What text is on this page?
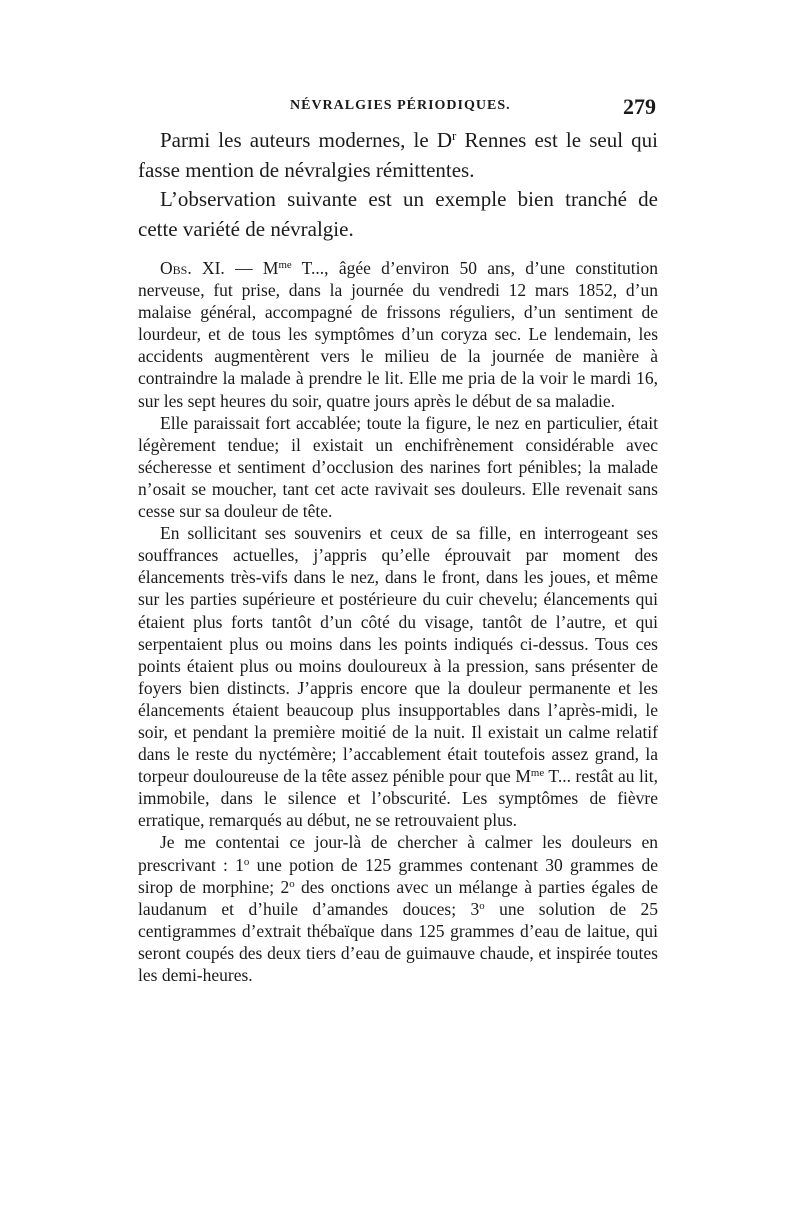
NÉVRALGIES PÉRIODIQUES.	279

Parmi les auteurs modernes, le $D^r$ Rennes est le seul qui fasse mention de névralgies rémittentes.

L’observation suivante est un exemple bien tranché de cette variété de névralgie.

Obs. XI. — $M^{me}$ T..., âgée d’environ 50 ans, d’une constitution nerveuse, fut prise, dans la journée du vendredi 12 mars 1852, d’un malaise général, accompagné de frissons réguliers, d’un sentiment de lourdeur, et de tous les symptômes d’un coryza sec. Le lendemain, les accidents augmentèrent vers le milieu de la journée de manière à contraindre la malade à prendre le lit. Elle me pria de la voir le mardi 16, sur les sept heures du soir, quatre jours après le début de sa maladie.

Elle paraissait fort accablée; toute la figure, le nez en particulier, était légèrement tendue; il existait un enchifrènement considérable avec sécheresse et sentiment d’occlusion des narines fort pénibles; la malade n’osait se moucher, tant cet acte ravivait ses douleurs. Elle revenait sans cesse sur sa douleur de tête.

En sollicitant ses souvenirs et ceux de sa fille, en interrogeant ses souffrances actuelles, j’appris qu’elle éprouvait par moment des élancements très-vifs dans le nez, dans le front, dans les joues, et même sur les parties supérieure et postérieure du cuir chevelu; élancements qui étaient plus forts tantôt d’un côté du visage, tantôt de l’autre, et qui serpentaient plus ou moins dans les points indiqués ci-dessus. Tous ces points étaient plus ou moins douloureux à la pression, sans présenter de foyers bien distincts. J’appris encore que la douleur permanente et les élancements étaient beaucoup plus insupportables dans l’après-midi, le soir, et pendant la première moitié de la nuit. Il existait un calme relatif dans le reste du nyctémère; l’accablement était toutefois assez grand, la torpeur douloureuse de la tête assez pénible pour que $M^{me}$ T... restât au lit, immobile, dans le silence et l’obscurité. Les symptômes de fièvre erratique, remarqués au début, ne se retrouvaient plus.

Je me contentai ce jour-là de chercher à calmer les douleurs en prescrivant : 1$^o$ une potion de 125 grammes contenant 30 grammes de sirop de morphine; 2$^o$ des onctions avec un mélange à parties égales de laudanum et d’huile d’amandes douces; 3$^o$ une solution de 25 centigrammes d’extrait thébaïque dans 125 grammes d’eau de laitue, qui seront coupés des deux tiers d’eau de guimauve chaude, et inspirée toutes les demi-heures.
